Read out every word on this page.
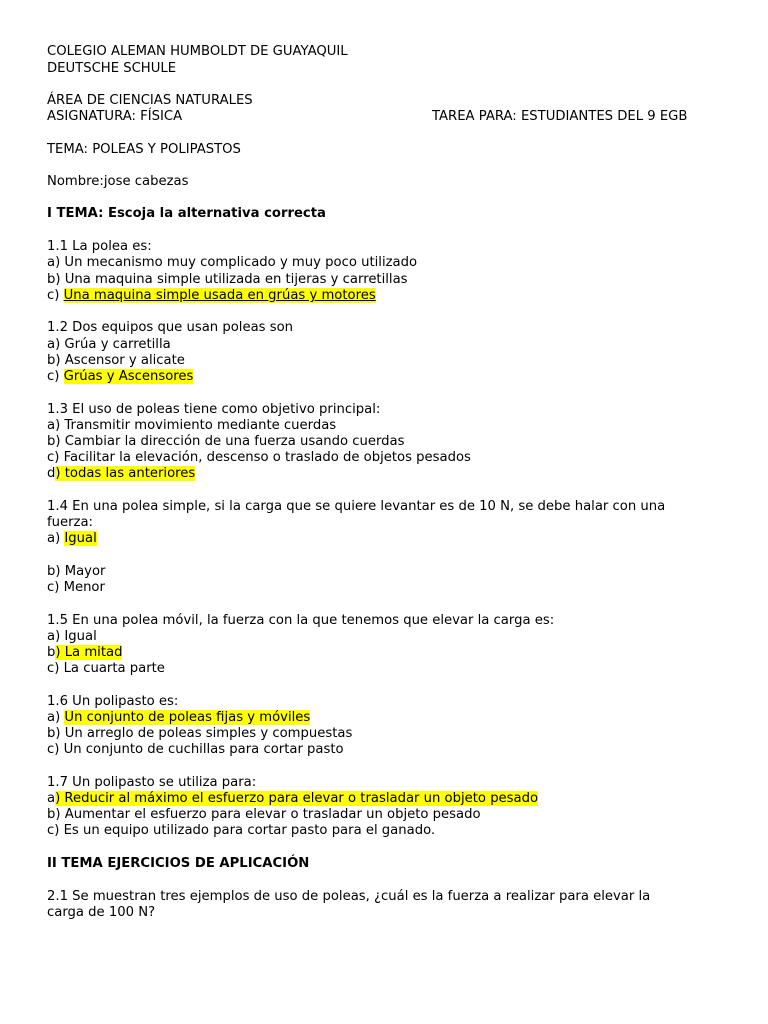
COLEGIO ALEMAN HUMBOLDT DE GUAYAQUIL
DEUTSCHE SCHULE
ÁREA DE CIENCIAS NATURALES
ASIGNATURA: FÍSICA	TAREA PARA: ESTUDIANTES DEL 9 EGB
TEMA: POLEAS Y POLIPASTOS
Nombre:jose cabezas
I TEMA: Escoja la alternativa correcta
1.1 La polea es:
a) Un mecanismo muy complicado y muy poco utilizado
b) Una maquina simple utilizada en tijeras y carretillas
c) Una maquina simple usada en grúas y motores
1.2 Dos equipos que usan poleas son
a) Grúa y carretilla
b) Ascensor y alicate
c) Grúas y Ascensores
1.3 El uso de poleas tiene como objetivo principal:
a) Transmitir movimiento mediante cuerdas
b) Cambiar la dirección de una fuerza usando cuerdas
c) Facilitar la elevación, descenso o traslado de objetos pesados
d) todas las anteriores
1.4 En una polea simple, si la carga que se quiere levantar es de 10 N, se debe halar con una
fuerza:
a) Igual
b) Mayor
c) Menor
1.5 En una polea móvil, la fuerza con la que tenemos que elevar la carga es:
a) Igual
b) La mitad
c) La cuarta parte
1.6 Un polipasto es:
a) Un conjunto de poleas fijas y móviles
b) Un arreglo de poleas simples y compuestas
c) Un conjunto de cuchillas para cortar pasto
1.7 Un polipasto se utiliza para:
a) Reducir al máximo el esfuerzo para elevar o trasladar un objeto pesado
b) Aumentar el esfuerzo para elevar o trasladar un objeto pesado
c) Es un equipo utilizado para cortar pasto para el ganado.
II TEMA EJERCICIOS DE APLICACIÓN
2.1 Se muestran tres ejemplos de uso de poleas, ¿cuál es la fuerza a realizar para elevar la
carga de 100 N?
